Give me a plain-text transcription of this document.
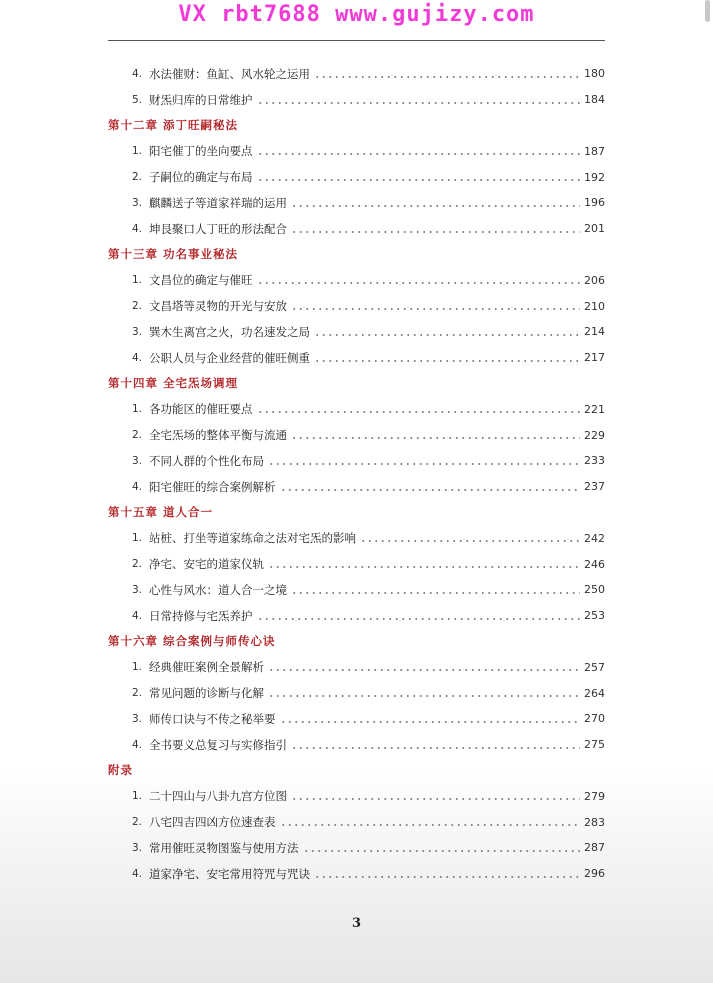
VX rbt7688 www.gujizy.com
4. 水法催财：鱼缸、风水轮之运用	180
5. 财炁归库的日常维护	184
第十二章 添丁旺嗣秘法
1. 阳宅催丁的坐向要点	187
2. 子嗣位的确定与布局	192
3. 麒麟送子等道家祥瑞的运用	196
4. 坤艮聚口人丁旺的形法配合	201
第十三章 功名事业秘法
1. 文昌位的确定与催旺	206
2. 文昌塔等灵物的开光与安放	210
3. 巽木生离宫之火，功名速发之局	214
4. 公职人员与企业经营的催旺侧重	217
第十四章 全宅炁场调理
1. 各功能区的催旺要点	221
2. 全宅炁场的整体平衡与流通	229
3. 不同人群的个性化布局	233
4. 阳宅催旺的综合案例解析	237
第十五章 道人合一
1. 站桩、打坐等道家练命之法对宅炁的影响	242
2. 净宅、安宅的道家仪轨	246
3. 心性与风水：道人合一之境	250
4. 日常持修与宅炁养护	253
第十六章 综合案例与师传心诀
1. 经典催旺案例全景解析	257
2. 常见问题的诊断与化解	264
3. 师传口诀与不传之秘举要	270
4. 全书要义总复习与实修指引	275
附录
1. 二十四山与八卦九宫方位图	279
2. 八宅四吉四凶方位速查表	283
3. 常用催旺灵物图鉴与使用方法	287
4. 道家净宅、安宅常用符咒与咒诀	296
3
